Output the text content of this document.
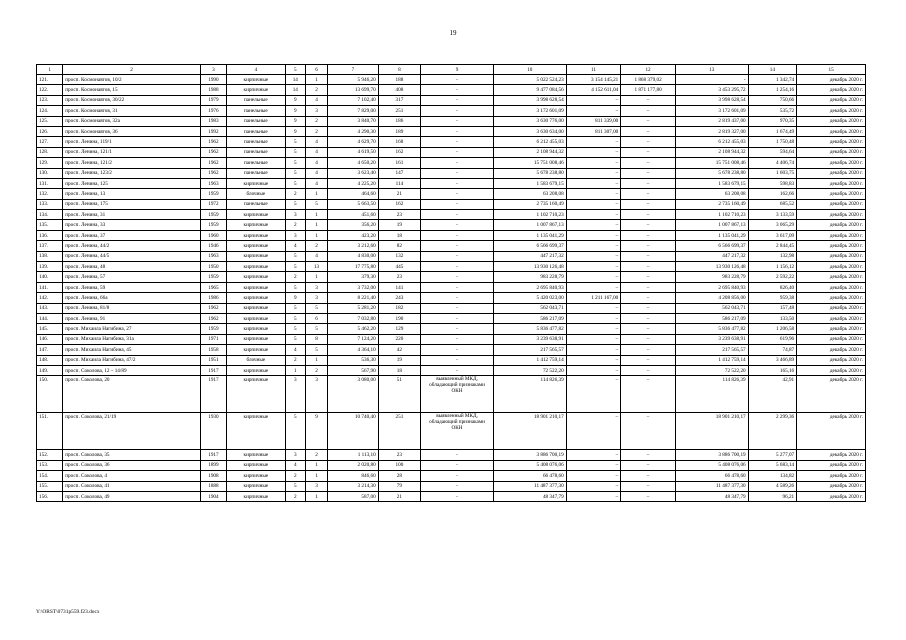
19
1	2	3	4	5	6	7	8	9	10	11	12	13	14	15
121.	просп. Космонавтов, 10/2	1990	кирпичные	14	1	5 946,20	188	-	5 022 524,23	3 154 145,21	1 868 379,02	-	1 342,74	декабрь 2020 г.
122.	просп. Космонавтов, 15	1988	кирпичные	14	2	13 699,70	408	-	9 477 084,56	4 152 611,04	1 871 177,80	3 453 295,72	1 254,16	декабрь 2020 г.
123.	просп. Космонавтов, 30/22	1979	панельные	9	4	7 102,40	317	-	3 998 628,54	–	–	3 998 628,54	750,66	декабрь 2020 г.
124.	просп. Космонавтов, 31	1976	панельные	9	3	7 829,00	251	-	3 172 601,09	–	–	3 172 601,09	535,72	декабрь 2020 г.
125.	просп. Космонавтов, 32а	1983	панельные	9	2	3 840,70	186	-	3 630 776,00	811 339,00	–	2 819 437,00	970,35	декабрь 2020 г.
126.	просп. Космонавтов, 36	1992	панельные	9	2	4 290,30	189	-	3 630 634,00	811 307,00	–	2 819 327,00	1 674,49	декабрь 2020 г.
127.	просп. Ленина, 119/1	1962	панельные	5	4	4 629,70	168	-	6 212 455,03	–	–	6 212 455,03	1 750,48	декабрь 2020 г.
128.	просп. Ленина, 121/1	1962	панельные	5	4	4 619,50	162	-	2 108 944,32	–	–	2 108 944,32	594,64	декабрь 2020 г.
129.	просп. Ленина, 121/2	1962	панельные	5	4	4 650,20	161	-	15 751 008,46	–	–	15 751 008,46	4 406,74	декабрь 2020 г.
130.	просп. Ленина, 123/2	1962	панельные	5	4	3 623,40	147	-	5 678 238,80	–	–	5 678 238,80	1 603,75	декабрь 2020 г.
131.	просп. Ленина, 125	1963	кирпичные	5	4	4 225,20	114	-	1 583 679,15	–	–	1 583 679,15	598,83	декабрь 2020 г.
132.	просп. Ленина, 13	1959	блочные	2	1	464,60	21	-	63 208,08	–	–	63 208,08	162,66	декабрь 2020 г.
133.	просп. Ленина, 175	1972	панельные	5	5	5 663,50	162	-	2 735 160,49	–	–	2 735 160,49	685,52	декабрь 2020 г.
134.	просп. Ленина, 31	1959	кирпичные	3	1	451,60	23	-	1 102 710,23	–	–	1 102 710,23	3 133,59	декабрь 2020 г.
135.	просп. Ленина, 33	1959	кирпичные	2	1	356,20	19	-	1 007 867,13	–	–	1 007 867,13	3 065,29	декабрь 2020 г.
136.	просп. Ленина, 37	1960	кирпичные	3	1	423,20	18	-	1 135 041,29	–	–	1 135 041,29	3 617,09	декабрь 2020 г.
137.	просп. Ленина, 44/2	1946	кирпичные	4	2	3 212,60	82	-	6 566 699,37	–	–	6 566 699,37	2 844,45	декабрь 2020 г.
138.	просп. Ленина, 44/5	1963	кирпичные	5	4	4 830,00	132	-	447 217,32	–	–	447 217,32	132,98	декабрь 2020 г.
139.	просп. Ленина, 48	1950	кирпичные	5	13	17 775,80	445	-	13 930 126,48	–	–	13 930 126,48	1 156,12	декабрь 2020 г.
140.	просп. Ленина, 57	1959	кирпичные	2	1	379,30	23	-	983 228,79	–	–	983 228,79	2 592,22	декабрь 2020 г.
141.	просп. Ленина, 59	1965	кирпичные	5	3	3 732,00	141	-	2 695 840,93	–	–	2 695 840,93	826,40	декабрь 2020 г.
142.	просп. Ленина, 66а	1986	кирпичные	9	3	8 221,40	243	-	5 420 023,00	1 211 167,00	–	4 208 856,00	959,38	декабрь 2020 г.
143.	просп. Ленина, 81/8	1962	кирпичные	5	5	5 281,20	182	-	562 043,71	–	–	562 043,71	157,48	декабрь 2020 г.
144.	просп. Ленина, 91	1962	кирпичные	5	6	7 032,80	190	-	586 217,09	–	–	586 217,09	133,50	декабрь 2020 г.
145.	просп. Михаила Нагибина, 27	1959	кирпичные	5	5	5 462,20	129	-	5 836 477,82	–	–	5 836 477,82	1 206,58	декабрь 2020 г.
146.	просп. Михаила Нагибина, 31а	1971	кирпичные	5	8	7 124,20	220	-	3 239 638,91	–	–	3 239 638,91	619,96	декабрь 2020 г.
147.	просп. Михаила Нагибина, 45	1958	кирпичные	4	5	4 364,10	42	-	217 565,57	–	–	217 565,57	74,87	декабрь 2020 г.
148.	просп. Михаила Нагибина, 47/2	1951	блочные	2	1	536,30	19	-	1 412 759,14	–	–	1 412 759,14	3 466,89	декабрь 2020 г.
149.	просп. Соколова, 12 – 14/89	1917	кирпичные	1	2	567,90	18	-	72 522,20	–	–	72 522,20	165,16	декабрь 2020 г.
150.	просп. Соколова, 20	1917	кирпичные	3	3	3 080,00	51	выявленный МКД, обладающий признаками ОКН	114 826,39	–	–	114 826,39	42,91	декабрь 2020 г.
151.	просп. Соколова, 21/19	1930	кирпичные	5	9	10 740,40	251	выявленный МКД, обладающий признаками ОКН	18 901 210,17	–	–	18 901 210,17	2 299,36	декабрь 2020 г.
152.	просп. Соколова, 35	1917	кирпичные	3	2	1 113,10	23	-	3 886 700,19	–	–	3 886 700,19	5 277,07	декабрь 2020 г.
153.	просп. Соколова, 36	1899	кирпичные	4	1	2 020,80	100	-	5 408 076,06	–	–	5 408 076,06	5 683,14	декабрь 2020 г.
154.	просп. Соколова, 4	1908	кирпичные	2	1	846,60	28	-	66 478,60	–	–	66 478,60	134,82	декабрь 2020 г.
155.	просп. Соколова, 41	1888	кирпичные	5	3	3 214,30	79	-	11 487 377,30	–	–	11 487 377,30	4 589,26	декабрь 2020 г.
156.	просп. Соколова, 49	1904	кирпичные	2	1	587,00	21	-	48 347,79	–	–	48 347,79	96,21	декабрь 2020 г.
Y:\ORST\0731p559.f23.docx
